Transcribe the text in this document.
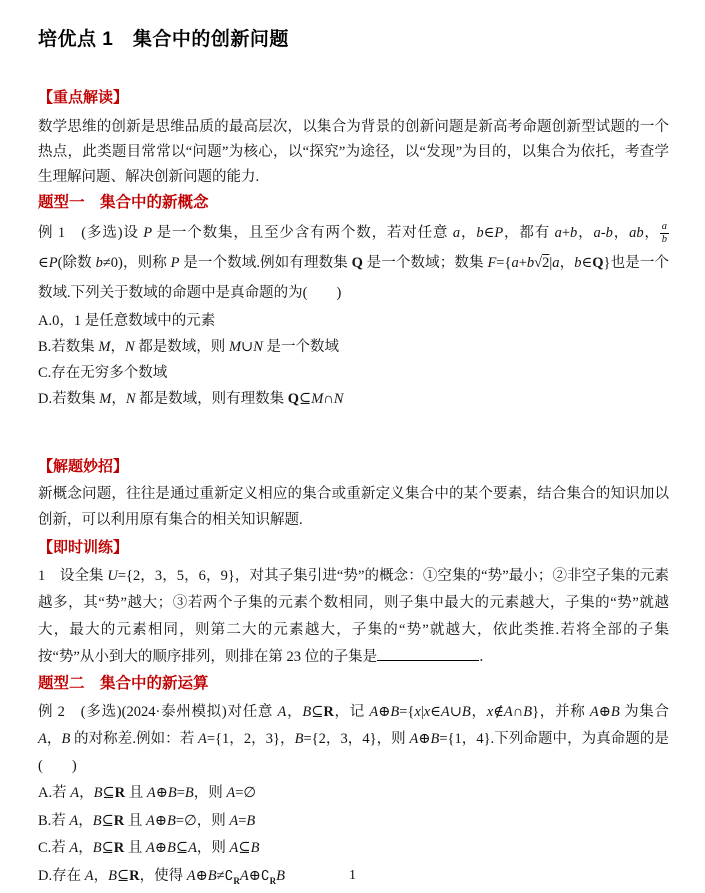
培优点 1　集合中的创新问题
【重点解读】

数学思维的创新是思维品质的最高层次，以集合为背景的创新问题是新高考命题创新型试题的一个热点，此类题目常常以“问题”为核心，以“探究”为途径，以“发现”为目的，以集合为依托，考查学生理解问题、解决创新问题的能力.

题型一　集合中的新概念

例 1　(多选)设 P 是一个数集，且至少含有两个数，若对任意 a，b∈P，都有 a+b，a-b，ab， $\frac{a}{b}$
∈P(除数 b≠0)，则称 P 是一个数域.例如有理数集 Q 是一个数域；数集 F={a+b√2|a，b∈Q}也是一个数域.下列关于数域的命题中是真命题的为(　　)

A.0，1 是任意数域中的元素

B.若数集 M，N 都是数域，则 M∪N 是一个数域

C.存在无穷多个数域

D.若数集 M，N 都是数域，则有理数集 Q⊆M∩N

【解题妙招】

新概念问题，往往是通过重新定义相应的集合或重新定义集合中的某个要素，结合集合的知识加以创新，可以利用原有集合的相关知识解题.

【即时训练】

1　设全集 U={2，3，5，6，9}，对其子集引进“势”的概念：①空集的“势”最小；②非空子集的元素越多，其“势”越大；③若两个子集的元素个数相同，则子集中最大的元素越大，子集的“势”就越大，最大的元素相同，则第二大的元素越大，子集的“势”就越大，依此类推.若将全部的子集按“势”从小到大的顺序排列，则排在第 23 位的子集是	．

题型二　集合中的新运算

例 2　(多选)(2024·泰州模拟)对任意 A，B⊆R，记 A⊕B={x|x∈A∪B，x∉A∩B}，并称 A⊕B 为集合 A，B 的对称差.例如：若 A={1，2，3}，B={2，3，4}，则 A⊕B={1，4}.下列命题中，为真命题的是(　　)

A.若 A，B⊆R 且 A⊕B=B，则 A=∅

B.若 A，B⊆R 且 A⊕B=∅，则 A=B

C.若 A，B⊆R 且 A⊕B⊆A，则 A⊆B

D.存在 A，B⊆R，使得 $A\oplus B\ne∁_RA\oplus∁_RB$	1
